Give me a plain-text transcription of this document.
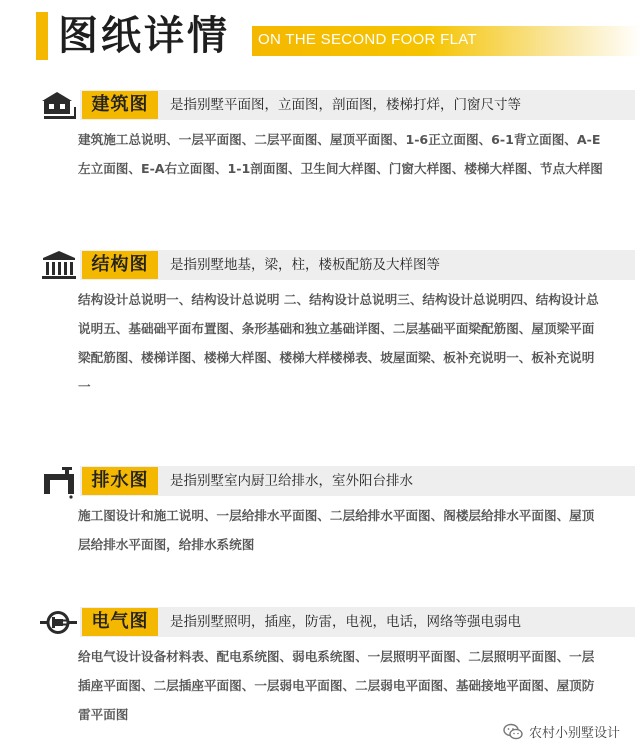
图纸详情 ON THE SECOND FOOR FLAT
建筑图	是指别墅平面图，立面图，剖面图，楼梯打烊，门窗尺寸等
建筑施工总说明、一层平面图、二层平面图、屋顶平面图、1-6正立面图、6-1背立面图、A-E左立面图、E-A右立面图、1-1剖面图、卫生间大样图、门窗大样图、楼梯大样图、节点大样图
结构图	是指别墅地基，梁，柱，楼板配筋及大样图等
结构设计总说明一、结构设计总说明 二、结构设计总说明三、结构设计总说明四、结构设计总说明五、基础础平面布置图、条形基础和独立基础详图、二层基础平面梁配筋图、屋顶梁平面梁配筋图、楼梯详图、楼梯大样图、楼梯大样楼梯表、坡屋面梁、板补充说明一、板补充说明一
排水图	是指别墅室内厨卫给排水，室外阳台排水
施工图设计和施工说明、一层给排水平面图、二层给排水平面图、阁楼层给排水平面图、屋顶层给排水平面图，给排水系统图
电气图	是指别墅照明，插座，防雷，电视，电话，网络等强电弱电
给电气设计设备材料表、配电系统图、弱电系统图、一层照明平面图、二层照明平面图、一层插座平面图、二层插座平面图、一层弱电平面图、二层弱电平面图、基础接地平面图、屋顶防雷平面图
农村小别墅设计
